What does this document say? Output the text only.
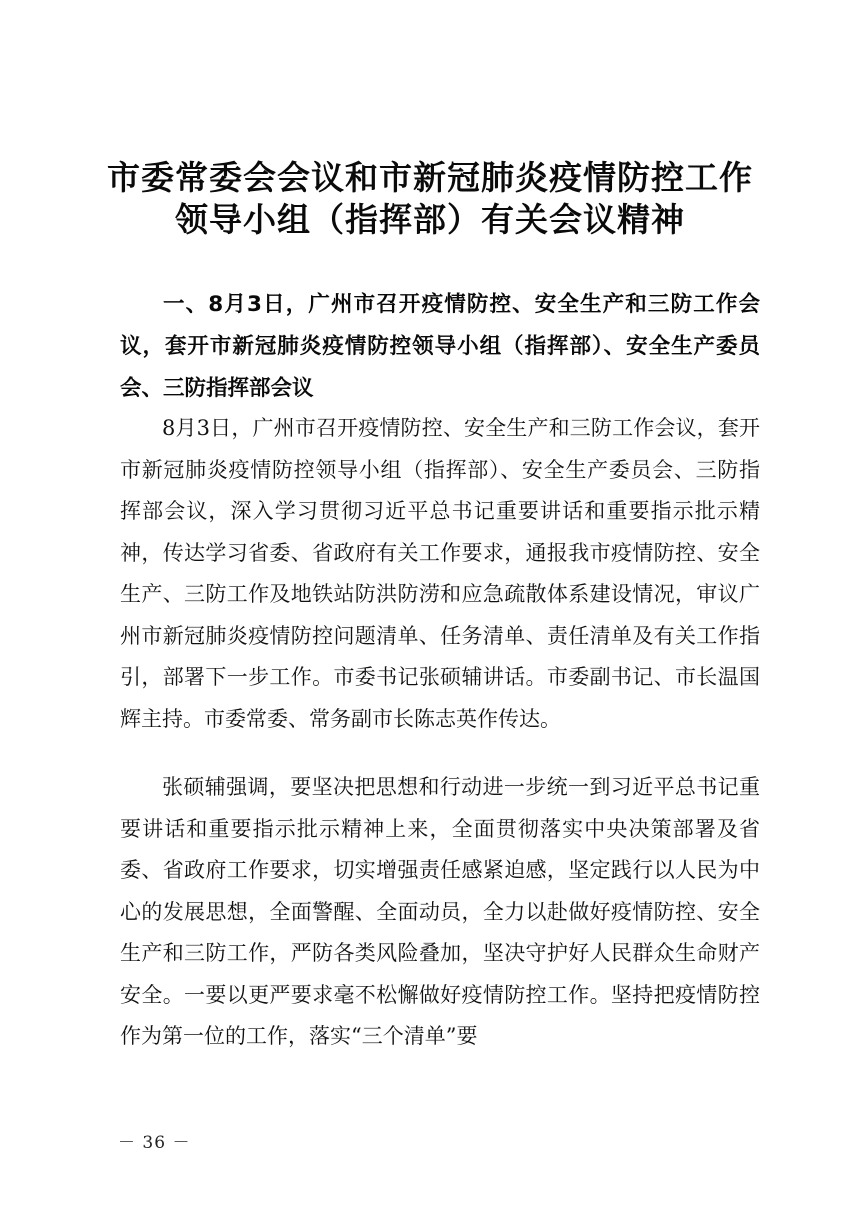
市委常委会会议和市新冠肺炎疫情防控工作
领导小组（指挥部）有关会议精神

一、8月3日，广州市召开疫情防控、安全生产和三防工作会议，套开市新冠肺炎疫情防控领导小组（指挥部）、安全生产委员会、三防指挥部会议

8月3日，广州市召开疫情防控、安全生产和三防工作会议，套开市新冠肺炎疫情防控领导小组（指挥部）、安全生产委员会、三防指挥部会议，深入学习贯彻习近平总书记重要讲话和重要指示批示精神，传达学习省委、省政府有关工作要求，通报我市疫情防控、安全生产、三防工作及地铁站防洪防涝和应急疏散体系建设情况，审议广州市新冠肺炎疫情防控问题清单、任务清单、责任清单及有关工作指引，部署下一步工作。市委书记张硕辅讲话。市委副书记、市长温国辉主持。市委常委、常务副市长陈志英作传达。

张硕辅强调，要坚决把思想和行动进一步统一到习近平总书记重要讲话和重要指示批示精神上来，全面贯彻落实中央决策部署及省委、省政府工作要求，切实增强责任感紧迫感，坚定践行以人民为中心的发展思想，全面警醒、全面动员，全力以赴做好疫情防控、安全生产和三防工作，严防各类风险叠加，坚决守护好人民群众生命财产安全。一要以更严要求毫不松懈做好疫情防控工作。坚持把疫情防控作为第一位的工作，落实“三个清单”要

－ 36 －
